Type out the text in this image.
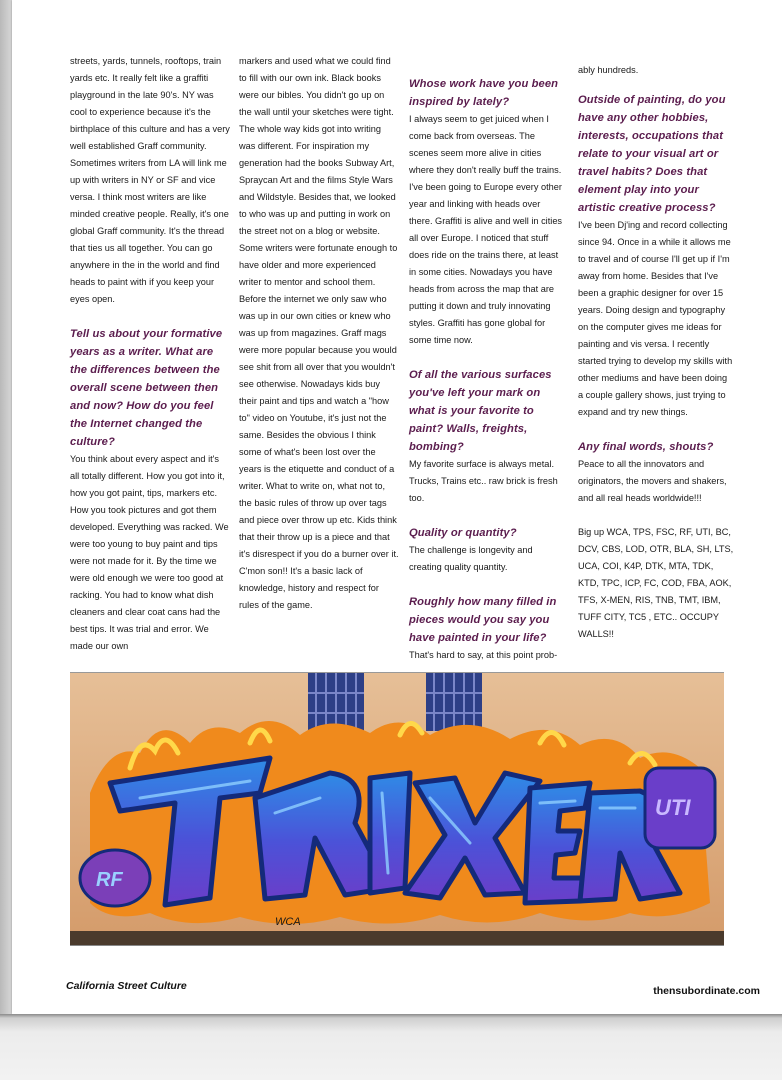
streets, yards, tunnels, rooftops, train yards etc. It really felt like a graffiti playground in the late 90's. NY was cool to experience because it's the birthplace of this culture and has a very well established Graff community. Sometimes writers from LA will link me up with writers in NY or SF and vice versa. I think most writers are like minded creative people. Really, it's one global Graff community. It's the thread that ties us all together. You can go anywhere in the in the world and find heads to paint with if you keep your eyes open.

Tell us about your formative years as a writer. What are the differences between the overall scene between then and now? How do you feel the Internet changed the culture?

You think about every aspect and it's all totally different. How you got into it, how you got paint, tips, markers etc. How you took pictures and got them developed. Everything was racked. We were too young to buy paint and tips were not made for it. By the time we were old enough we were too good at racking. You had to know what dish cleaners and clear coat cans had the best tips. It was trial and error. We made our own

markers and used what we could find to fill with our own ink. Black books were our bibles. You didn't go up on the wall until your sketches were tight. The whole way kids got into writing was different. For inspiration my generation had the books Subway Art, Spraycan Art and the films Style Wars and Wildstyle. Besides that, we looked to who was up and putting in work on the street not on a blog or website. Some writers were fortunate enough to have older and more experienced writer to mentor and school them. Before the internet we only saw who was up in our own cities or knew who was up from magazines. Graff mags were more popular because you would see shit from all over that you wouldn't see otherwise. Nowadays kids buy their paint and tips and watch a "how to" video on Youtube, it's just not the same. Besides the obvious I think some of what's been lost over the years is the etiquette and conduct of a writer. What to write on, what not to, the basic rules of throw up over tags and piece over throw up etc. Kids think that their throw up is a piece and that it's disrespect if you do a burner over it. C'mon son!! It's a basic lack of knowledge, history and respect for rules of the game.

Whose work have you been inspired by lately?

I always seem to get juiced when I come back from overseas. The scenes seem more alive in cities where they don't really buff the trains. I've been going to Europe every other year and linking with heads over there. Graffiti is alive and well in cities all over Europe. I noticed that stuff does ride on the trains there, at least in some cities. Nowadays you have heads from across the map that are putting it down and truly innovating styles. Graffiti has gone global for some time now.

Of all the various surfaces you've left your mark on what is your favorite to paint? Walls, freights, bombing?

My favorite surface is always metal. Trucks, Trains etc.. raw brick is fresh too.

Quality or quantity?

The challenge is longevity and creating quality quantity.

Roughly how many filled in pieces would you say you have painted in your life?

That's hard to say, at this point prob-

ably hundreds.

Outside of painting, do you have any other hobbies, interests, occupations that relate to your visual art or travel habits? Does that element play into your artistic creative process?

I've been Dj'ing and record collecting since 94. Once in a while it allows me to travel and of course I'll get up if I'm away from home. Besides that I've been a graphic designer for over 15 years. Doing design and typography on the computer gives me ideas for painting and vis versa. I recently started trying to develop my skills with other mediums and have been doing a couple gallery shows, just trying to expand and try new things.

Any final words, shouts?

Peace to all the innovators and originators, the movers and shakers, and all real heads worldwide!!!

Big up WCA, TPS, FSC, RF, UTI, BC, DCV, CBS, LOD, OTR, BLA, SH, LTS, UCA, COI, K4P, DTK, MTA, TDK, KTD, TPC, ICP, FC, COD, FBA, AOK, TFS, X-MEN, RIS, TNB, TMT, IBM, TUFF CITY, TC5 , ETC.. OCCUPY WALLS!!

RF
UTI
WCA
California Street Culture	thensubordinate.com
